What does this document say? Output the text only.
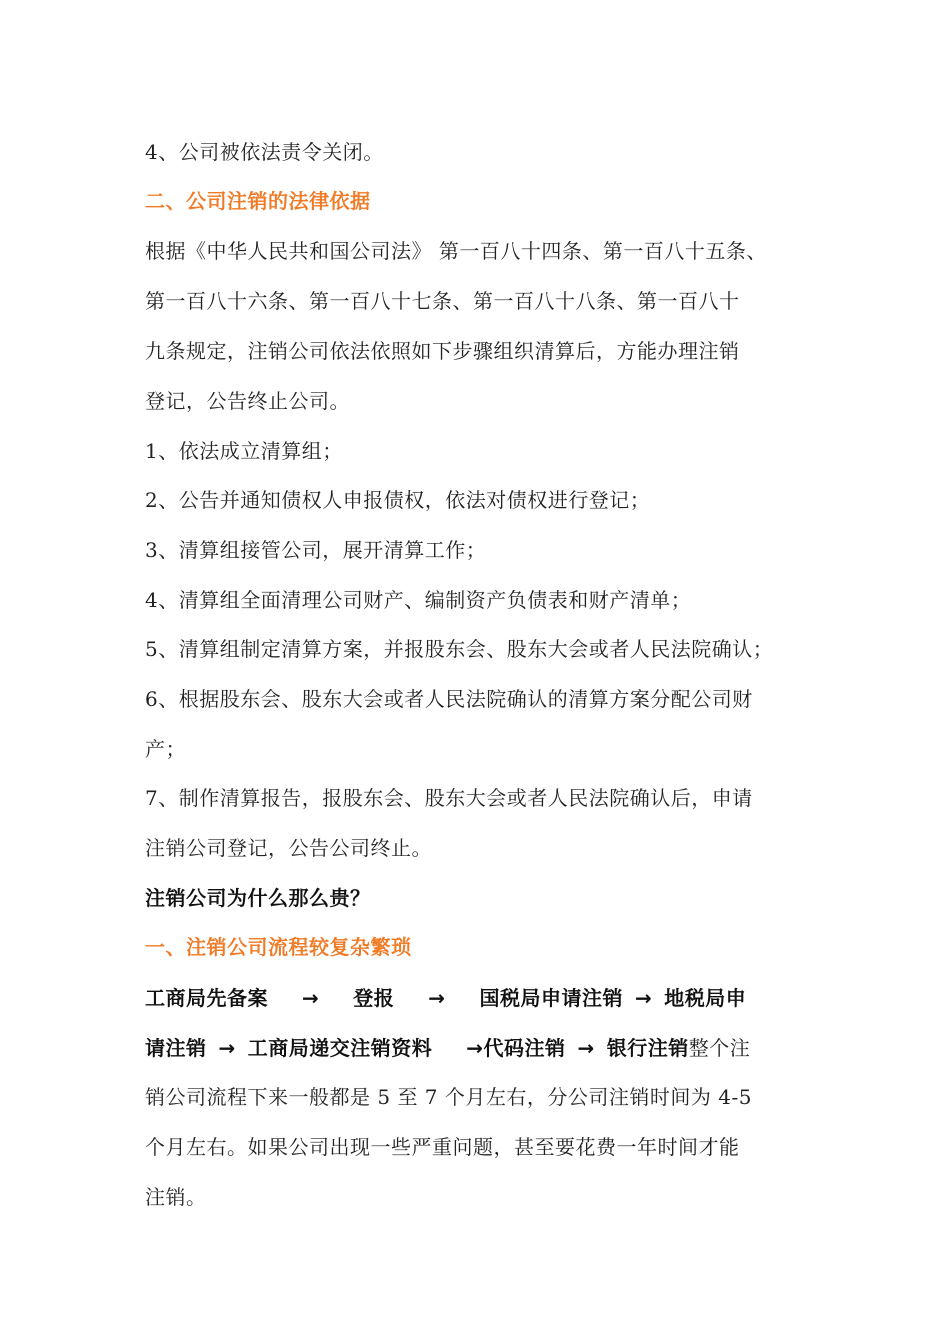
4、公司被依法责令关闭。
二、公司注销的法律依据
根据《中华人民共和国公司法》 第一百八十四条、第一百八十五条、
第一百八十六条、第一百八十七条、第一百八十八条、第一百八十
九条规定，注销公司依法依照如下步骤组织清算后，方能办理注销
登记，公告终止公司。
1、依法成立清算组；
2、公告并通知债权人申报债权，依法对债权进行登记；
3、清算组接管公司，展开清算工作；
4、清算组全面清理公司财产、编制资产负债表和财产清单；
5、清算组制定清算方案，并报股东会、股东大会或者人民法院确认；
6、根据股东会、股东大会或者人民法院确认的清算方案分配公司财
产；
7、制作清算报告，报股东会、股东大会或者人民法院确认后，申请
注销公司登记，公告公司终止。
注销公司为什么那么贵？
一、注销公司流程较复杂繁琐
工商局先备案 → 登报 → 国税局申请注销 → 地税局申
请注销 → 工商局递交注销资料 →代码注销 → 银行注销整个注
销公司流程下来一般都是 5 至 7 个月左右，分公司注销时间为 4-5
个月左右。如果公司出现一些严重问题，甚至要花费一年时间才能
注销。
